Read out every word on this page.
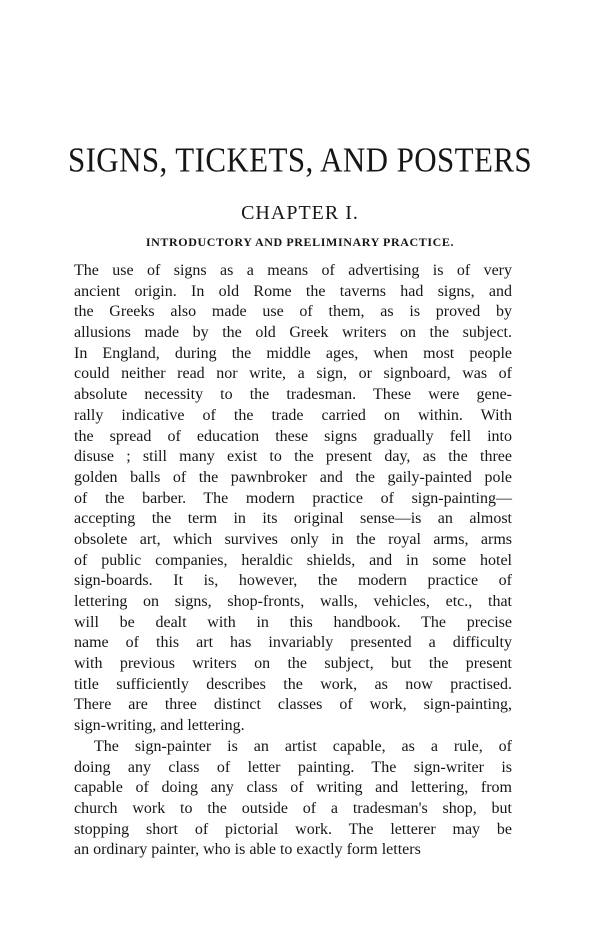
SIGNS, TICKETS, AND POSTERS
CHAPTER I.
INTRODUCTORY AND PRELIMINARY PRACTICE.
The use of signs as a means of advertising is of very
ancient origin. In old Rome the taverns had signs, and
the Greeks also made use of them, as is proved by
allusions made by the old Greek writers on the subject.
In England, during the middle ages, when most people
could neither read nor write, a sign, or signboard, was of
absolute necessity to the tradesman. These were gene-
rally indicative of the trade carried on within. With
the spread of education these signs gradually fell into
disuse ; still many exist to the present day, as the three
golden balls of the pawnbroker and the gaily-painted pole
of the barber. The modern practice of sign-painting—
accepting the term in its original sense—is an almost
obsolete art, which survives only in the royal arms, arms
of public companies, heraldic shields, and in some hotel
sign-boards. It is, however, the modern practice of
lettering on signs, shop-fronts, walls, vehicles, etc., that
will be dealt with in this handbook. The precise
name of this art has invariably presented a difficulty
with previous writers on the subject, but the present
title sufficiently describes the work, as now practised.
There are three distinct classes of work, sign-painting,
sign-writing, and lettering.
The sign-painter is an artist capable, as a rule, of
doing any class of letter painting. The sign-writer is
capable of doing any class of writing and lettering, from
church work to the outside of a tradesman's shop, but
stopping short of pictorial work. The letterer may be
an ordinary painter, who is able to exactly form letters
